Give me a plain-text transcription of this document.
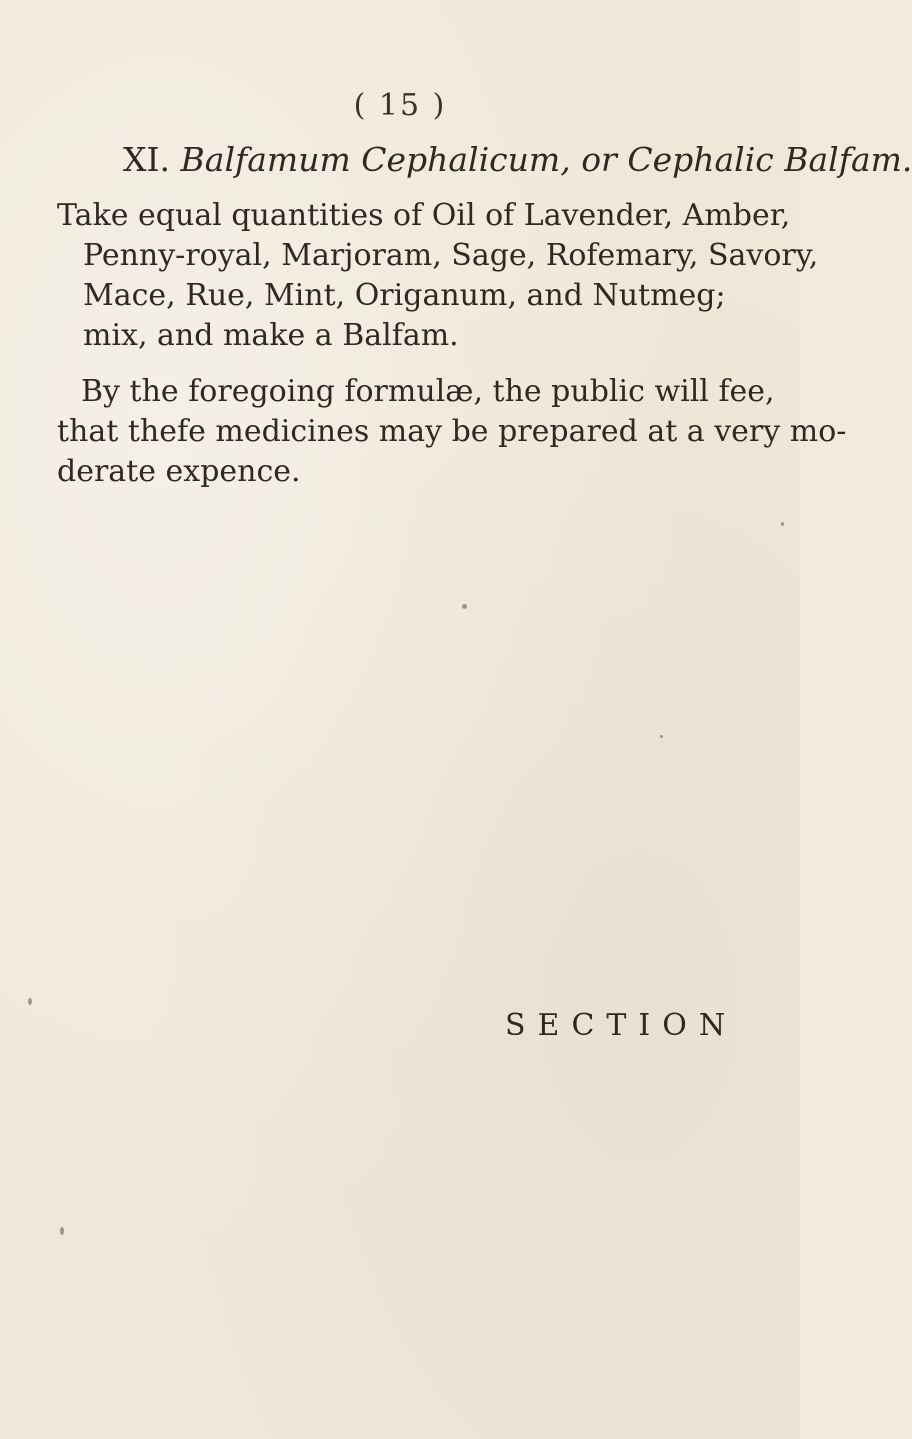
( 15 )
XI. Balfamum Cephalicum, or Cephalic Balfam.
Take equal quantities of Oil of Lavender, Amber,
Penny-royal, Marjoram, Sage, Rofemary, Savory,
Mace, Rue, Mint, Origanum, and Nutmeg;
mix, and make a Balfam.
By the foregoing formulæ, the public will fee,
that thefe medicines may be prepared at a very mo-
derate expence.
SECTION
